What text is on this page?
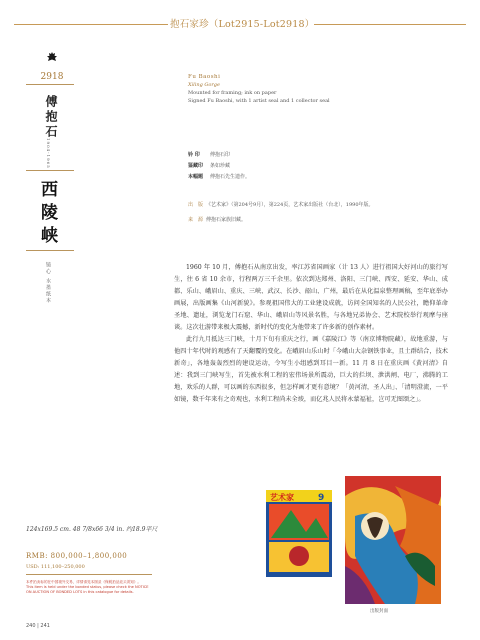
抱石家珍（Lot2915-Lot2918）
2918
傅抱石
1904-1965
西陵峡
镜心 水墨纸本
Fu Baoshi
Xiling Gorge
Mounted for framing; ink on paper
Signed Fu Baoshi, with 1 artist seal and 1 collector seal
钤 印	傅抱石印
鉴藏印	条如珍藏
本幅题	傅抱石先生遗作。
出　版 《艺术家》（第204号9月），第224页，艺术家出版社（台北），1990年版。
来　源 傅抱石家族旧藏。

1960 年 10 月，傅抱石从南京出发，率江苏省国画家（计 13 人）进行祖国大好河山的旅行写生，往 6 省 10 余市，行程两万三千余里。依次到达郑州、洛阳、三门峡、西安、延安、华山、成都、乐山、峨眉山、重庆、三峡、武汉、长沙、韶山、广州，最后在从化温泉整理画稿，至年底举办画展，出版画集《山河新貌》。参观祖国伟大的工业建设成就，访问全国知名的人民公社，瞻仰革命圣地、遗址，浏览龙门石窟、华山、峨眉山等风景名胜，与各地兄弟协会、艺术院校举行观摩与座谈。这次壮游带来极大震撼，新时代的变化为他带来了许多新的创作素材。

此行九月抵达三门峡，十月下旬有重庆之行，画《嘉陵江》等（南京博物院藏），故地重游，与他四十年代时的观感有了天翻覆的变化。在峨眉山乐山时「今峨山大杂钢铁事业，且土群结合，技术新奇」，各地轰轰烈烈的建设运动，令写生小组感到耳目一新。11 月 8 日在重庆画《黄河清》自述：我到三门峡写生，首先被水利工程的宏伟场景所震动，巨大的拦坝、泄洪闸、电厂，沸腾的工地，欢乐的人群，可以画的东西很多，但怎样画才更有意境？「黄河清，圣人出」、「清明澄流，一平如镜，数千年来有之奇观也，水利工程尚未全竣，而亿兆人民将永蒙福祉，岂可无图颂之」。

124x169.5 cm. 48 7/8x66 3/4 in. 约18.9平尺
RMB: 800,000–1,800,000
USD: 111,100–250,000
本件拍卖标的在中国境外交易，详情请见本图录《保税拍品竞买须知》。
This item is held under the bonded status, please check the NOTICE
ON AUCTION OF BONDED LOTS in this catalogue for details.
240 | 241
艺术家	9
出版封面
